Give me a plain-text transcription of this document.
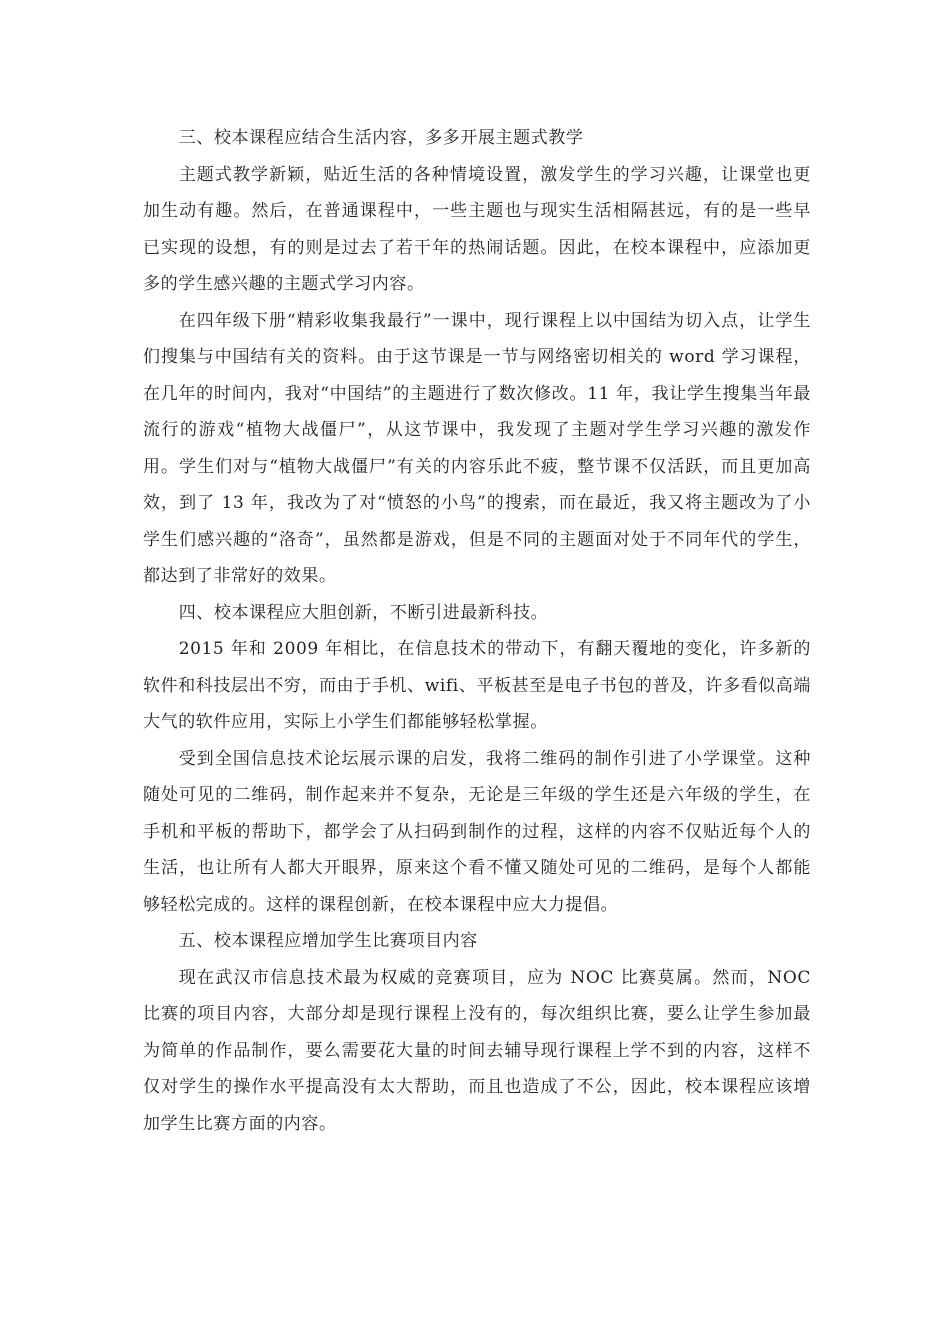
三、校本课程应结合生活内容，多多开展主题式教学

主题式教学新颖，贴近生活的各种情境设置，激发学生的学习兴趣，让课堂也更加生动有趣。然后，在普通课程中，一些主题也与现实生活相隔甚远，有的是一些早已实现的设想，有的则是过去了若干年的热闹话题。因此，在校本课程中，应添加更多的学生感兴趣的主题式学习内容。

在四年级下册“精彩收集我最行”一课中，现行课程上以中国结为切入点，让学生们搜集与中国结有关的资料。由于这节课是一节与网络密切相关的 word 学习课程，在几年的时间内，我对“中国结”的主题进行了数次修改。11 年，我让学生搜集当年最流行的游戏“植物大战僵尸”，从这节课中，我发现了主题对学生学习兴趣的激发作用。学生们对与“植物大战僵尸”有关的内容乐此不疲，整节课不仅活跃，而且更加高效，到了 13 年，我改为了对“愤怒的小鸟”的搜索，而在最近，我又将主题改为了小学生们感兴趣的“洛奇”，虽然都是游戏，但是不同的主题面对处于不同年代的学生，都达到了非常好的效果。

四、校本课程应大胆创新，不断引进最新科技。

2015 年和 2009 年相比，在信息技术的带动下，有翻天覆地的变化，许多新的软件和科技层出不穷，而由于手机、wifi、平板甚至是电子书包的普及，许多看似高端大气的软件应用，实际上小学生们都能够轻松掌握。

受到全国信息技术论坛展示课的启发，我将二维码的制作引进了小学课堂。这种随处可见的二维码，制作起来并不复杂，无论是三年级的学生还是六年级的学生，在手机和平板的帮助下，都学会了从扫码到制作的过程，这样的内容不仅贴近每个人的生活，也让所有人都大开眼界，原来这个看不懂又随处可见的二维码，是每个人都能够轻松完成的。这样的课程创新，在校本课程中应大力提倡。

五、校本课程应增加学生比赛项目内容

现在武汉市信息技术最为权威的竞赛项目，应为 NOC 比赛莫属。然而，NOC 比赛的项目内容，大部分却是现行课程上没有的，每次组织比赛，要么让学生参加最为简单的作品制作，要么需要花大量的时间去辅导现行课程上学不到的内容，这样不仅对学生的操作水平提高没有太大帮助，而且也造成了不公，因此，校本课程应该增加学生比赛方面的内容。
